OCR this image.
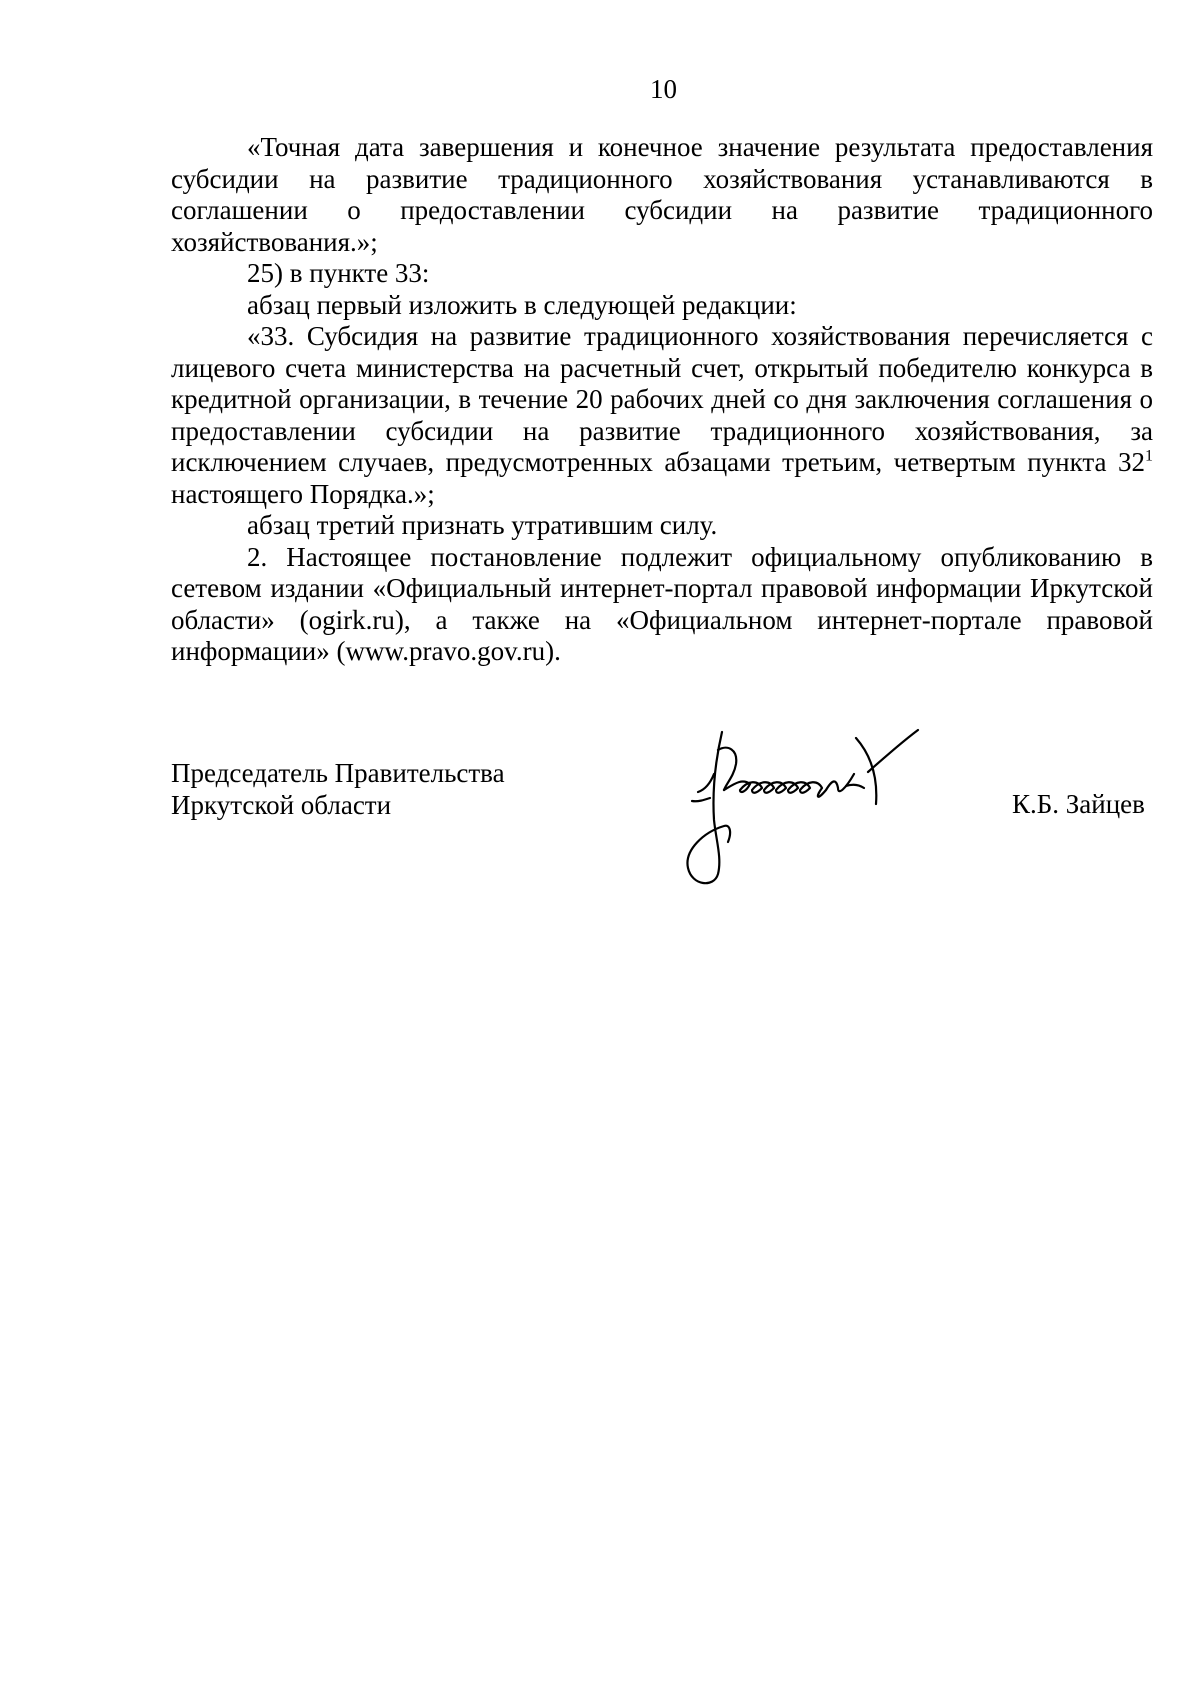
10

«Точная дата завершения и конечное значение результата предоставления субсидии на развитие традиционного хозяйствования устанавливаются в соглашении о предоставлении субсидии на развитие традиционного хозяйствования.»;

25) в пункте 33:

абзац первый изложить в следующей редакции:

«33. Субсидия на развитие традиционного хозяйствования перечисляется с лицевого счета министерства на расчетный счет, открытый победителю конкурса в кредитной организации, в течение 20 рабочих дней со дня заключения соглашения о предоставлении субсидии на развитие традиционного хозяйствования, за исключением случаев, предусмотренных абзацами третьим, четвертым пункта $32^1$ настоящего Порядка.»;

абзац третий признать утратившим силу.

2. Настоящее постановление подлежит официальному опубликованию в сетевом издании «Официальный интернет-портал правовой информации Иркутской области» (ogirk.ru), а также на «Официальном интернет-портале правовой информации» (www.pravo.gov.ru).

Председатель Правительства
Иркутской области	К.Б. Зайцев
